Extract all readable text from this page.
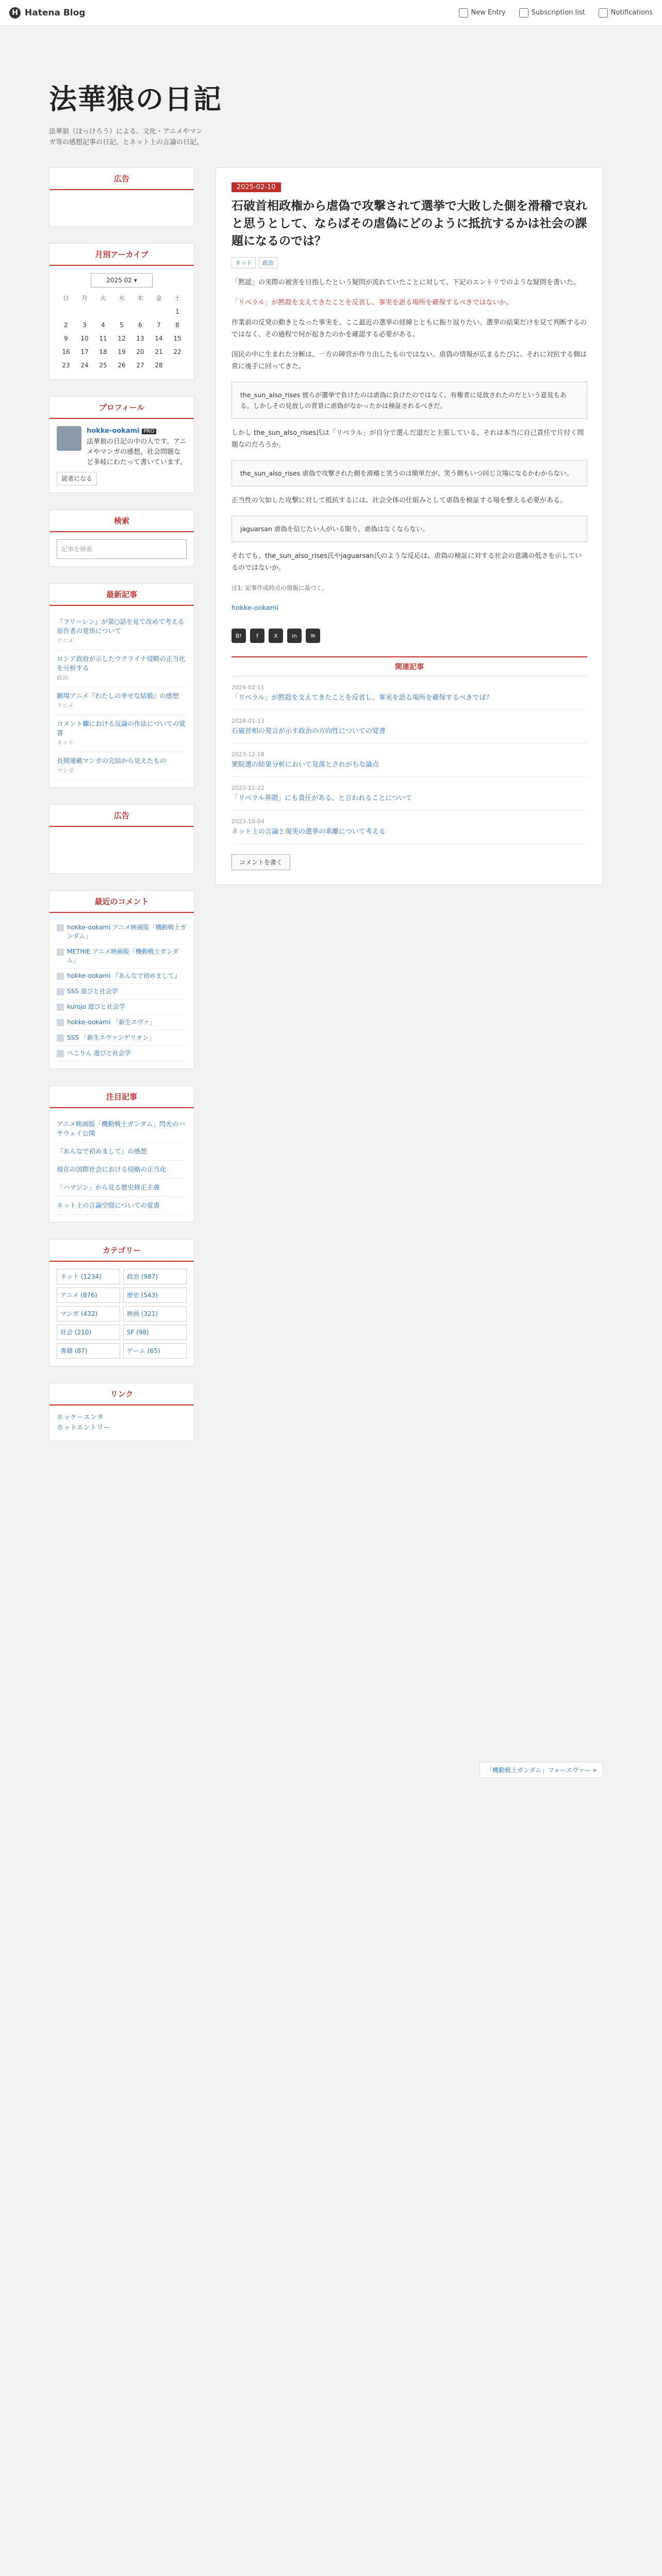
H Hatena Blog	New Entry	Subscription list	Notifications
法華狼の日記
法華狼（ほっけろう）による、文化・アニメやマンガ等の感想記事の日記。とネット上の言論の日記。
広告
月別アーカイブ
2025 02 ▾
日	月	火	水	木	金	土
						1
2	3	4	5	6	7	8
9	10	11	12	13	14	15
16	17	18	19	20	21	22
23	24	25	26	27	28	
プロフィール
hokke-ookami PRO
法華狼の日記の中の人です。アニメやマンガの感想、社会問題など多岐にわたって書いています。
読者になる
検索
記事を検索
最新記事
『フリーレン』が第○話を見て改めて考える原作者の覚悟について
アニメ
ロシア政府が示したウクライナ侵略の正当化を分析する
政治
劇場アニメ『わたしの幸せな結婚』の感想
アニメ
コメント欄における反論の作法についての覚書
ネット
長期連載マンガの完結から見えたもの
マンガ
広告
最近のコメント
hokke-ookami アニメ映画版「機動戦士ガンダム」
METHIE アニメ映画版「機動戦士ガンダム」
hokke-ookami 『あんなで初めまして』
SSS 遊びと社会学
kurojo 遊びと社会学
hokke-ookami 「新生エヴァ」
SSS 「新生エヴァンゲリオン」
ぺこりん 遊びと社会学
注目記事
アニメ映画版「機動戦士ガンダム」閃光のハサウェイ公開
『あんなで初めまして』の感想
現在の国際社会における侵略の正当化
「ハマジン」から見る歴史修正主義
ネット上の言論空間についての覚書
カテゴリー
ネット (1234)	政治 (987)
アニメ (876)	歴史 (543)
マンガ (432)	映画 (321)
社会 (210)	SF (98)
書籍 (87)	ゲーム (65)
リンク
ホッケーエンタ
ホットエントリー
2025-02-10
石破首相政権から虐偽で攻撃されて選挙で大敗した側を滑稽で哀れと思うとして、ならばその虐偽にどのように抵抗するかは社会の課題になるのでは？
ネット	政治
「黙認」の実際の被害を目指したという疑問が流れていたことに対して、下記のエントリでのような疑問を書いた。
「リベラル」が黙殺を支えてきたことを反省し、事実を語る場所を確保するべきではないか。
作業前の反発の動きとなった事実を、ここ最近の選挙の経緯とともに振り返りたい。選挙の結果だけを見て判断するのではなく、その過程で何が起きたのかを確認する必要がある。
国民の中に生まれた分断は、一方の陣営が作り出したものではない。虐偽の情報が広まるたびに、それに対抗する側は常に後手に回ってきた。
the_sun_also_rises 彼らが選挙で負けたのは虐偽に負けたのではなく、有権者に見放されたのだという意見もある。しかしその見放しの背景に虐偽がなかったかは検証されるべきだ。
しかし the_sun_also_rises氏は「リベラル」が自分で選んだ道だと主張している。それは本当に自己責任で片付く問題なのだろうか。
the_sun_also_rises 虐偽で攻撃された側を滑稽と笑うのは簡単だが、笑う側もいつ同じ立場になるかわからない。
正当性の欠如した攻撃に対して抵抗するには、社会全体の仕組みとして虐偽を検証する場を整える必要がある。
jaguarsan 虐偽を信じたい人がいる限り、虐偽はなくならない。
それでも、the_sun_also_rises氏やjaguarsan氏のような反応は、虐偽の検証に対する社会の意識の低さを示しているのではないか。
注1: 記事作成時点の情報に基づく。
hokke-ookami
B!	f	X	in	✉
関連記事
2024-02-11
「リベラル」が黙殺を支えてきたことを反省し、事実を語る場所を確保するべきでは？
2024-01-13
石破首相の発言が示す政治の方向性についての覚書
2023-12-18
衆院選の結果分析において見落とされがちな論点
2023-11-22
「リベラル界隈」にも責任がある、と言われることについて
2023-10-04
ネット上の言論と現実の選挙の乖離について考える
コメントを書く
「機動戦士ガンダム」フォーエヴァー »
